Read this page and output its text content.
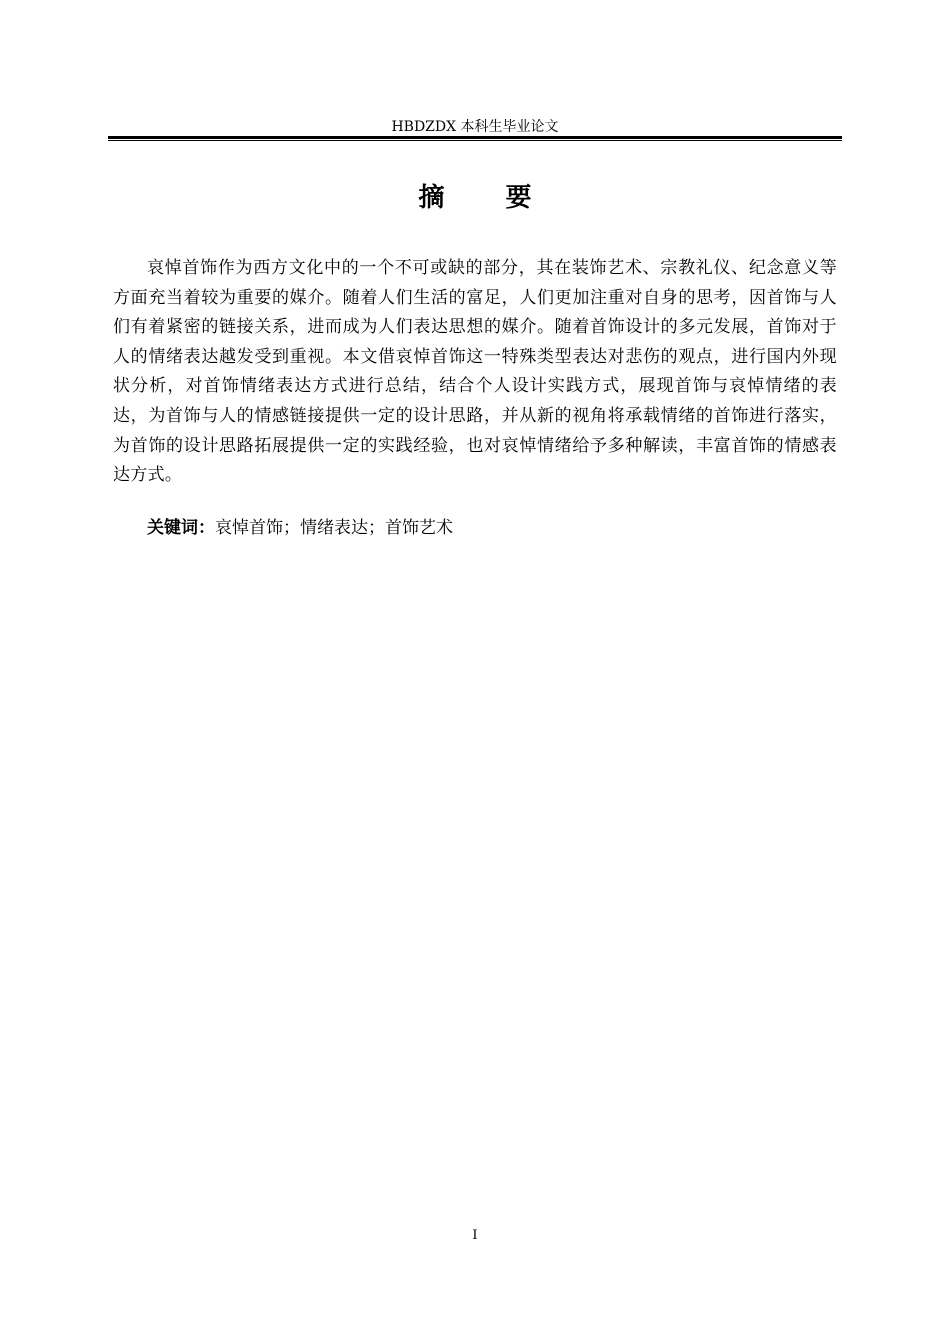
HBDZDX 本科生毕业论文
摘 要

哀悼首饰作为西方文化中的一个不可或缺的部分，其在装饰艺术、宗教礼仪、纪念意义等方面充当着较为重要的媒介。随着人们生活的富足，人们更加注重对自身的思考，因首饰与人们有着紧密的链接关系，进而成为人们表达思想的媒介。随着首饰设计的多元发展，首饰对于人的情绪表达越发受到重视。本文借哀悼首饰这一特殊类型表达对悲伤的观点，进行国内外现状分析，对首饰情绪表达方式进行总结，结合个人设计实践方式，展现首饰与哀悼情绪的表达，为首饰与人的情感链接提供一定的设计思路，并从新的视角将承载情绪的首饰进行落实，为首饰的设计思路拓展提供一定的实践经验，也对哀悼情绪给予多种解读，丰富首饰的情感表达方式。

关键词：哀悼首饰；情绪表达；首饰艺术
I
